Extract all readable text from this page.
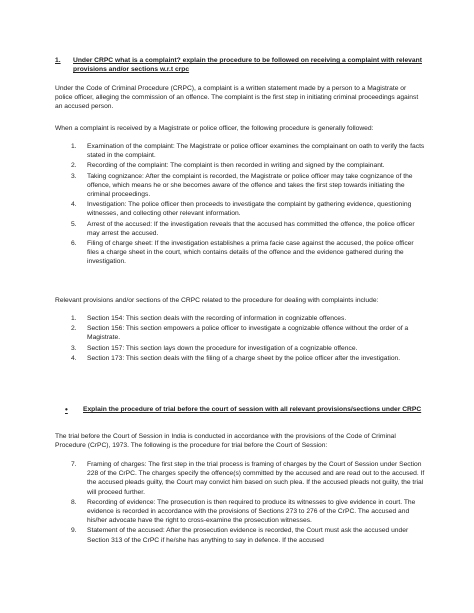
1.	Under CRPC what is a complaint? explain the procedure to be followed on receiving a complaint with relevant provisions and/or sections w.r.t crpc

Under the Code of Criminal Procedure (CRPC), a complaint is a written statement made by a person to a Magistrate or police officer, alleging the commission of an offence. The complaint is the first step in initiating criminal proceedings against an accused person.

When a complaint is received by a Magistrate or police officer, the following procedure is generally followed:

1.	Examination of the complaint: The Magistrate or police officer examines the complainant on oath to verify the facts stated in the complaint.
2.	Recording of the complaint: The complaint is then recorded in writing and signed by the complainant.
3.	Taking cognizance: After the complaint is recorded, the Magistrate or police officer may take cognizance of the offence, which means he or she becomes aware of the offence and takes the first step towards initiating the criminal proceedings.
4.	Investigation: The police officer then proceeds to investigate the complaint by gathering evidence, questioning witnesses, and collecting other relevant information.
5.	Arrest of the accused: If the investigation reveals that the accused has committed the offence, the police officer may arrest the accused.
6.	Filing of charge sheet: If the investigation establishes a prima facie case against the accused, the police officer files a charge sheet in the court, which contains details of the offence and the evidence gathered during the investigation.

Relevant provisions and/or sections of the CRPC related to the procedure for dealing with complaints include:

1.	Section 154: This section deals with the recording of information in cognizable offences.
2.	Section 156: This section empowers a police officer to investigate a cognizable offence without the order of a Magistrate.
3.	Section 157: This section lays down the procedure for investigation of a cognizable offence.
4.	Section 173: This section deals with the filing of a charge sheet by the police officer after the investigation.
•	Explain the procedure of trial before the court of session with all relevant provisions/sections under CRPC

The trial before the Court of Session in India is conducted in accordance with the provisions of the Code of Criminal Procedure (CrPC), 1973. The following is the procedure for trial before the Court of Session:

7.	Framing of charges: The first step in the trial process is framing of charges by the Court of Session under Section 228 of the CrPC. The charges specify the offence(s) committed by the accused and are read out to the accused. If the accused pleads guilty, the Court may convict him based on such plea. If the accused pleads not guilty, the trial will proceed further.
8.	Recording of evidence: The prosecution is then required to produce its witnesses to give evidence in court. The evidence is recorded in accordance with the provisions of Sections 273 to 276 of the CrPC. The accused and his/her advocate have the right to cross-examine the prosecution witnesses.
9.	Statement of the accused: After the prosecution evidence is recorded, the Court must ask the accused under Section 313 of the CrPC if he/she has anything to say in defence. If the accused
